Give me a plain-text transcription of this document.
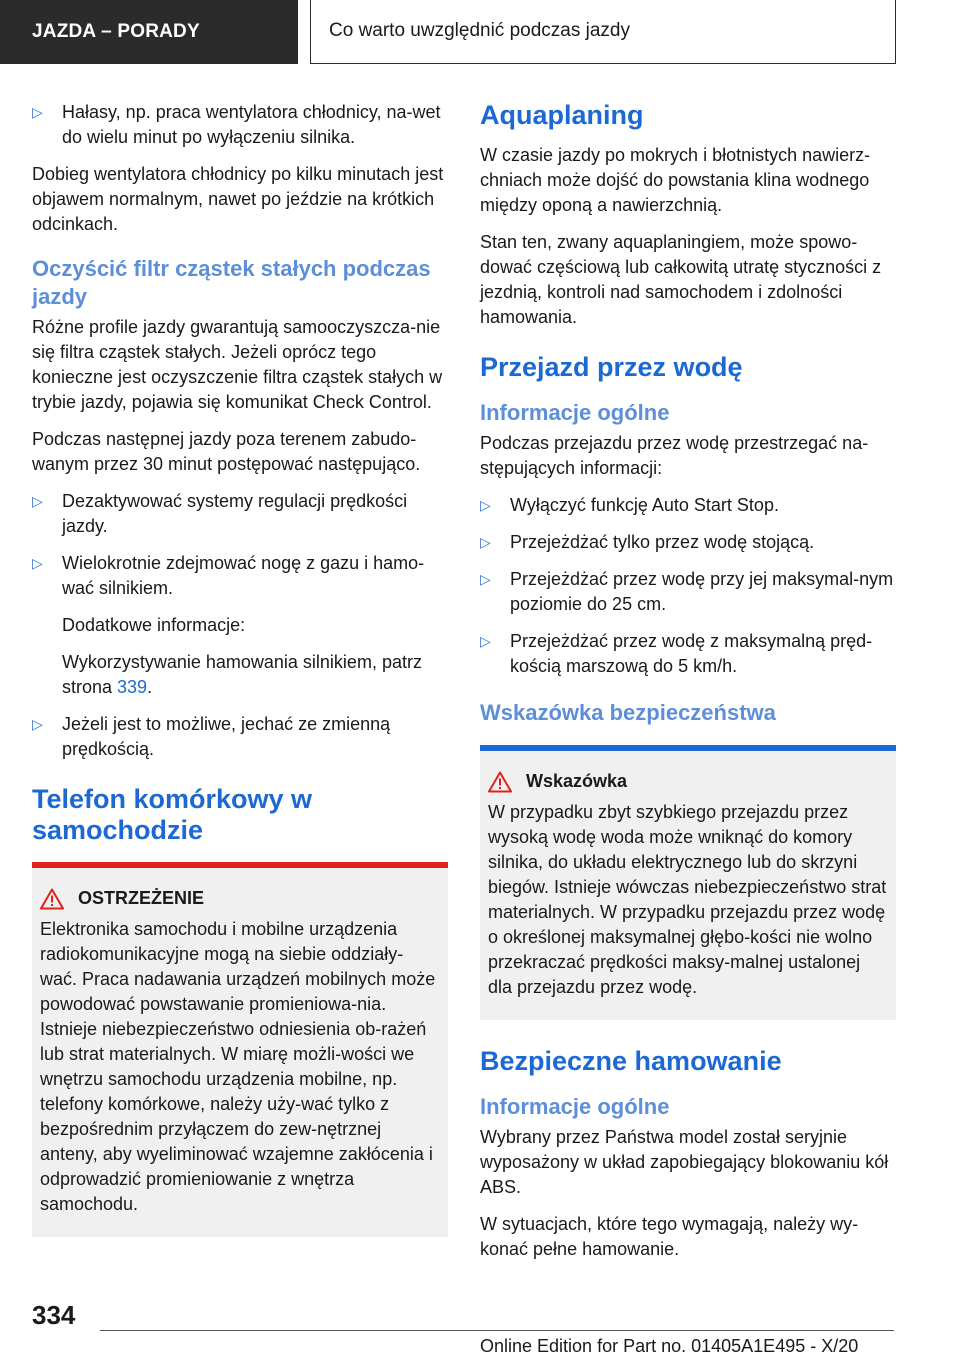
JAZDA – PORADY	Co warto uwzględnić podczas jazdy
▷ Hałasy, np. praca wentylatora chłodnicy, na-wet do wielu minut po wyłączeniu silnika.

Dobieg wentylatora chłodnicy po kilku minutach jest objawem normalnym, nawet po jeździe na krótkich odcinkach.

Oczyścić filtr cząstek stałych podczas jazdy

Różne profile jazdy gwarantują samooczyszcza-nie się filtra cząstek stałych. Jeżeli oprócz tego konieczne jest oczyszczenie filtra cząstek stałych w trybie jazdy, pojawia się komunikat Check Control.

Podczas następnej jazdy poza terenem zabudo-wanym przez 30 minut postępować następująco.

▷ Dezaktywować systemy regulacji prędkości jazdy.
▷ Wielokrotnie zdejmować nogę z gazu i hamo-wać silnikiem.
Dodatkowe informacje:
Wykorzystywanie hamowania silnikiem, patrz strona 339.
▷ Jeżeli jest to możliwe, jechać ze zmienną prędkością.
Telefon komórkowy w samochodzie
OSTRZEŻENIE
Elektronika samochodu i mobilne urządzenia radiokomunikacyjne mogą na siebie oddziały-wać. Praca nadawania urządzeń mobilnych może powodować powstawanie promieniowa-nia. Istnieje niebezpieczeństwo odniesienia ob-rażeń lub strat materialnych. W miarę możli-wości we wnętrzu samochodu urządzenia mobilne, np. telefony komórkowe, należy uży-wać tylko z bezpośrednim przyłączem do zew-nętrznej anteny, aby wyeliminować wzajemne zakłócenia i odprowadzić promieniowanie z wnętrza samochodu.
Aquaplaning

W czasie jazdy po mokrych i błotnistych nawierz-chniach może dojść do powstania klina wodnego między oponą a nawierzchnią.

Stan ten, zwany aquaplaningiem, może spowo-dować częściową lub całkowitą utratę styczności z jezdnią, kontroli nad samochodem i zdolności hamowania.

Przejazd przez wodę
Informacje ogólne

Podczas przejazdu przez wodę przestrzegać na-stępujących informacji:

▷ Wyłączyć funkcję Auto Start Stop.
▷ Przejeżdżać tylko przez wodę stojącą.
▷ Przejeżdżać przez wodę przy jej maksymal-nym poziomie do 25 cm.
▷ Przejeżdżać przez wodę z maksymalną pręd-kością marszową do 5 km/h.
Wskazówka bezpieczeństwa
Wskazówka
W przypadku zbyt szybkiego przejazdu przez wysoką wodę woda może wniknąć do komory silnika, do układu elektrycznego lub do skrzyni biegów. Istnieje wówczas niebezpieczeństwo strat materialnych. W przypadku przejazdu przez wodę o określonej maksymalnej głębo-kości nie wolno przekraczać prędkości maksy-malnej ustalonej dla przejazdu przez wodę.
Bezpieczne hamowanie
Informacje ogólne

Wybrany przez Państwa model został seryjnie wyposażony w układ zapobiegający blokowaniu kół ABS.

W sytuacjach, które tego wymagają, należy wy-konać pełne hamowanie.

334
Online Edition for Part no. 01405A1E495 - X/20
